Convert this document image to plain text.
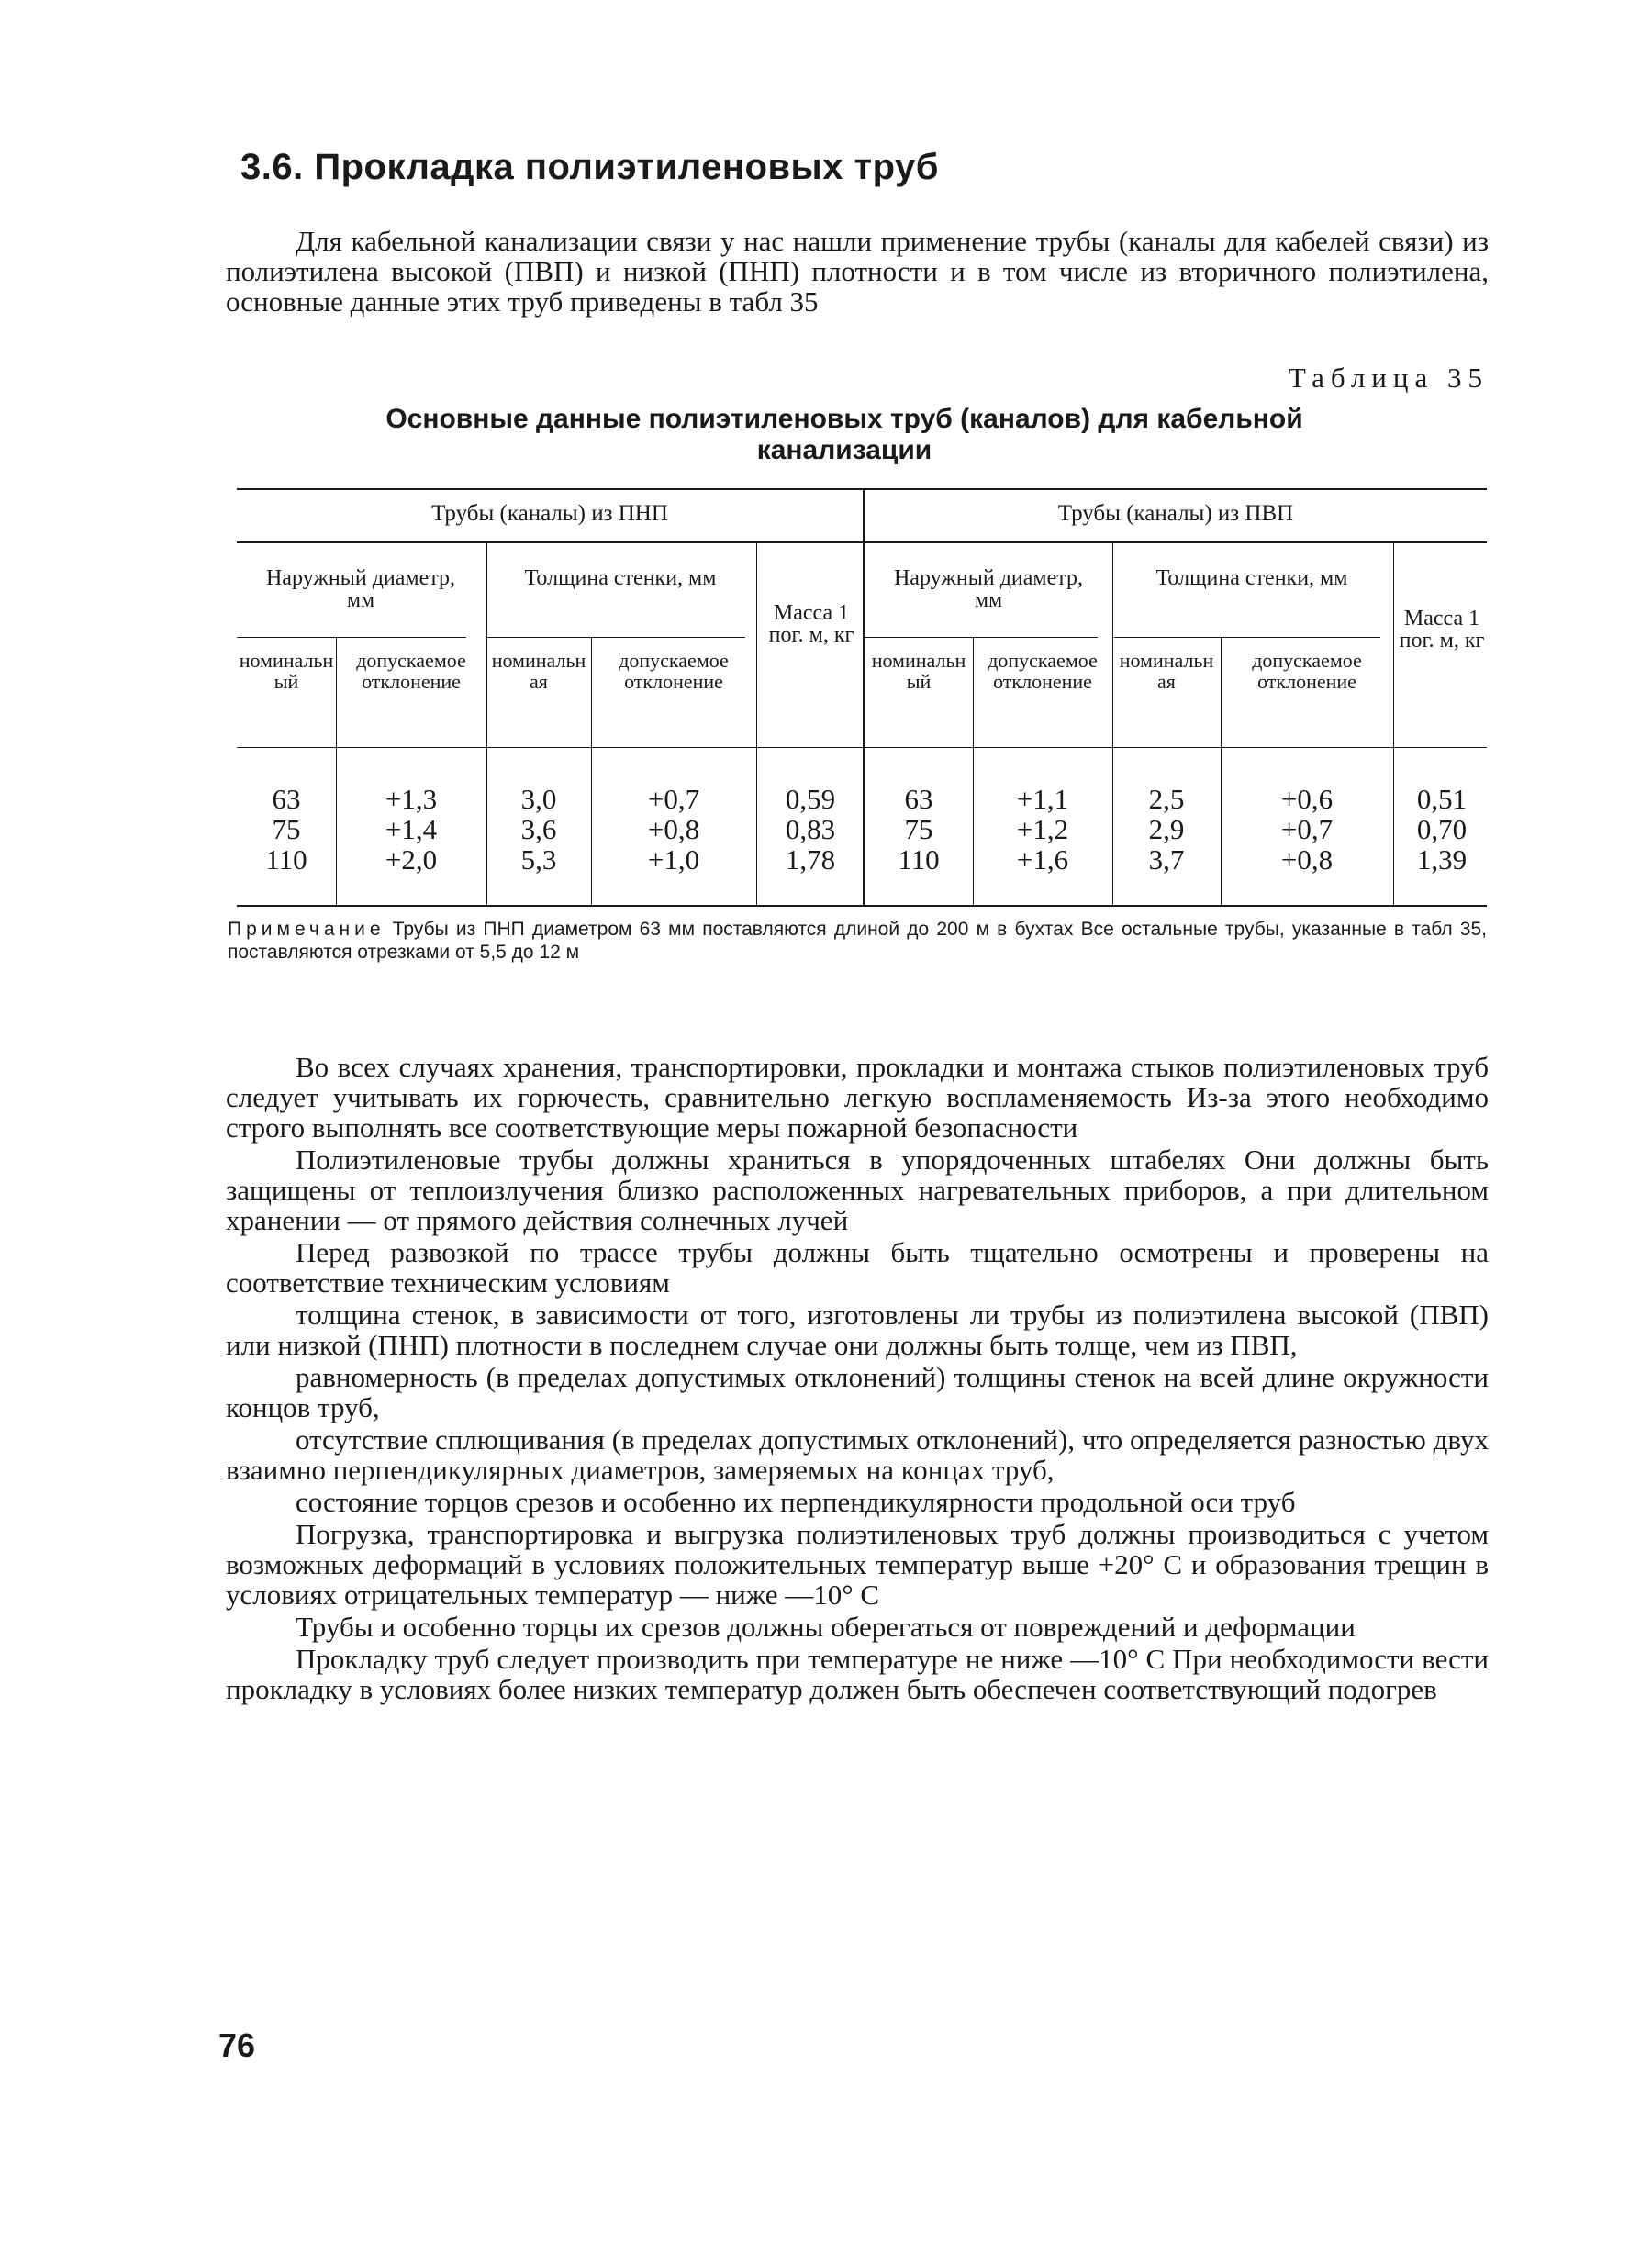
3.6. Прокладка полиэтиленовых труб

Для кабельной канализации связи у нас нашли применение трубы (каналы для кабелей связи) из полиэтилена высокой (ПВП) и низкой (ПНП) плотности и в том числе из вторичного полиэтилена, основные данные этих труб приведены в табл 35

Таблица 35
Основные данные полиэтиленовых труб (каналов) для кабельной канализации
Трубы (каналы) из ПНП	Трубы (каналы) из ПВП
Наружный диаметр, мм
Толщина стенки, мм
Масса 1 пог. м, кг
номинальный
допускаемое отклонение
номинальная
допускаемое отклонение
Наружный диаметр, мм
Толщина стенки, мм
Масса 1 пог. м, кг
номинальный
допускаемое отклонение
номинальная
допускаемое отклонение
63
75
110
+1,3
+1,4
+2,0
3,0
3,6
5,3
+0,7
+0,8
+1,0
0,59
0,83
1,78
63
75
110
+1,1
+1,2
+1,6
2,5
2,9
3,7
+0,6
+0,7
+0,8
0,51
0,70
1,39

Примечание Трубы из ПНП диаметром 63 мм поставляются длиной до 200 м в бухтах Все остальные трубы, указанные в табл 35, поставляются отрезками от 5,5 до 12 м

Во всех случаях хранения, транспортировки, прокладки и монтажа стыков полиэтиленовых труб следует учитывать их горючесть, сравнительно легкую воспламеняемость Из-за этого необходимо строго выполнять все соответствующие меры пожарной безопасности

Полиэтиленовые трубы должны храниться в упорядоченных штабелях Они должны быть защищены от теплоизлучения близко расположенных нагревательных приборов, а при длительном хранении — от прямого действия солнечных лучей

Перед развозкой по трассе трубы должны быть тщательно осмотрены и проверены на соответствие техническим условиям

толщина стенок, в зависимости от того, изготовлены ли трубы из полиэтилена высокой (ПВП) или низкой (ПНП) плотности в последнем случае они должны быть толще, чем из ПВП,

равномерность (в пределах допустимых отклонений) толщины стенок на всей длине окружности концов труб,

отсутствие сплющивания (в пределах допустимых отклонений), что определяется разностью двух взаимно перпендикулярных диаметров, замеряемых на концах труб,

состояние торцов срезов и особенно их перпендикулярности продольной оси труб

Погрузка, транспортировка и выгрузка полиэтиленовых труб должны производиться с учетом возможных деформаций в условиях положительных температур выше +20° С и образования трещин в условиях отрицательных температур — ниже —10° С

Трубы и особенно торцы их срезов должны оберегаться от повреждений и деформации

Прокладку труб следует производить при температуре не ниже —10° С При необходимости вести прокладку в условиях более низких температур должен быть обеспечен соответствующий подогрев

76
